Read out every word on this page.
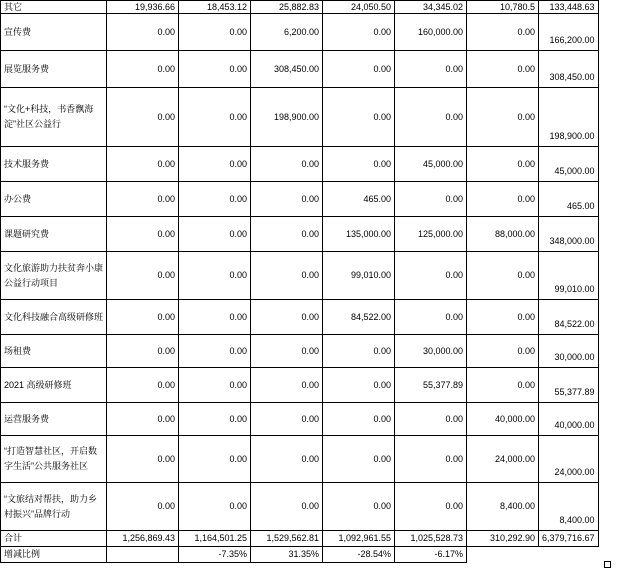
其它	19,936.66	18,453.12	25,882.83	24,050.50	34,345.02	10,780.5	133,448.63	
宣传费	0.00	0.00	6,200.00	0.00	160,000.00	0.00	166,200.00	
展览服务费	0.00	0.00	308,450.00	0.00	0.00	0.00	308,450.00	
“文化+科技，书香飘海淀”社区公益行	0.00	0.00	198,900.00	0.00	0.00	0.00	198,900.00	
技术服务费	0.00	0.00	0.00	0.00	45,000.00	0.00	45,000.00	
办公费	0.00	0.00	0.00	465.00	0.00	0.00	465.00	
课题研究费	0.00	0.00	0.00	135,000.00	125,000.00	88,000.00	348,000.00	
文化旅游助力扶贫奔小康公益行动项目	0.00	0.00	0.00	99,010.00	0.00	0.00	99,010.00	
文化科技融合高级研修班	0.00	0.00	0.00	84,522.00	0.00	0.00	84,522.00	
场租费	0.00	0.00	0.00	0.00	30,000.00	0.00	30,000.00	
2021 高级研修班	0.00	0.00	0.00	0.00	55,377.89	0.00	55,377.89	
运营服务费	0.00	0.00	0.00	0.00	0.00	40,000.00	40,000.00	
“打造智慧社区，开启数字生活”公共服务社区	0.00	0.00	0.00	0.00	0.00	24,000.00	24,000.00	
“文旅结对帮扶，助力乡村振兴”品牌行动	0.00	0.00	0.00	0.00	0.00	8,400.00	8,400.00	
合计	1,256,869.43	1,164,501.25	1,529,562.81	1,092,961.55	1,025,528.73	310,292.90	6,379,716.67	
增减比例		-7.35%	31.35%	-28.54%	-6.17%			
